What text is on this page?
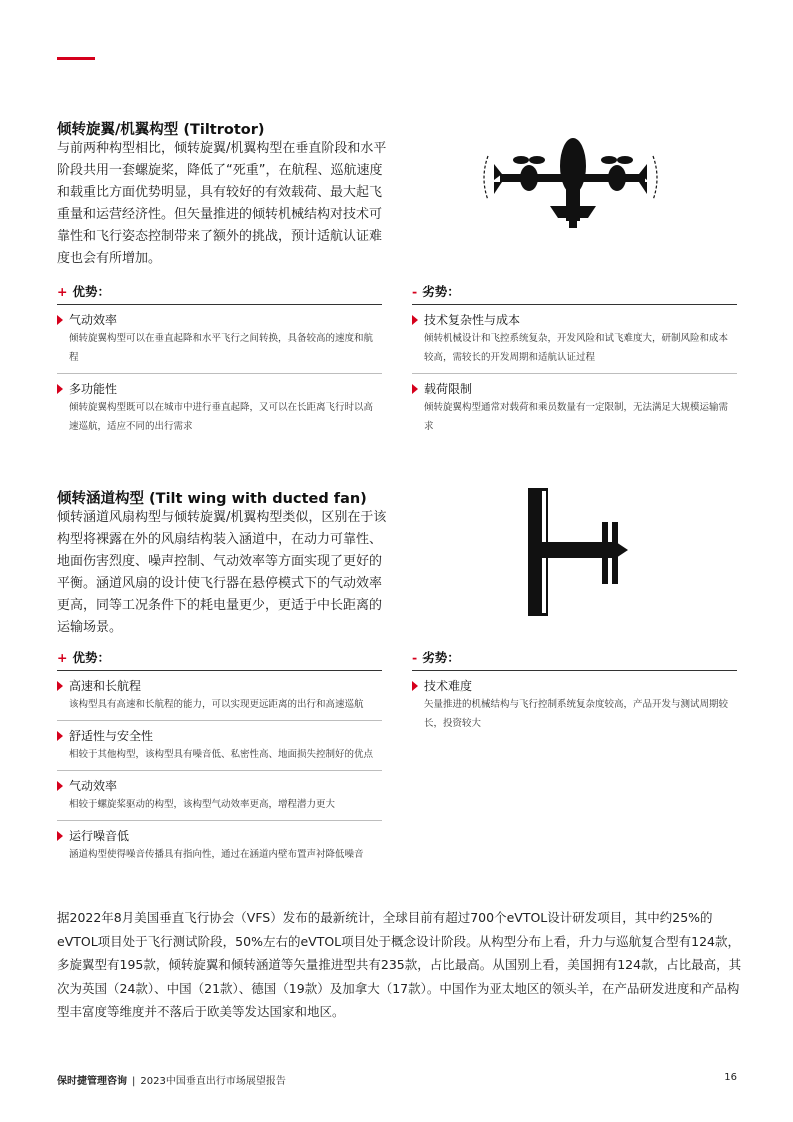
倾转旋翼/机翼构型 (Tiltrotor)
与前两种构型相比，倾转旋翼/机翼构型在垂直阶段和水平阶段共用一套螺旋桨，降低了“死重”，在航程、巡航速度和载重比方面优势明显，具有较好的有效载荷、最大起飞重量和运营经济性。但矢量推进的倾转机械结构对技术可靠性和飞行姿态控制带来了额外的挑战，预计适航认证难度也会有所增加。
+ 优势：
气动效率
倾转旋翼构型可以在垂直起降和水平飞行之间转换，具备较高的速度和航程
多功能性
倾转旋翼构型既可以在城市中进行垂直起降，又可以在长距离飞行时以高速巡航，适应不同的出行需求
- 劣势：
技术复杂性与成本
倾转机械设计和飞控系统复杂，开发风险和试飞难度大，研制风险和成本较高，需较长的开发周期和适航认证过程
载荷限制
倾转旋翼构型通常对载荷和乘员数量有一定限制，无法满足大规模运输需求
倾转涵道构型 (Tilt wing with ducted fan)
倾转涵道风扇构型与倾转旋翼/机翼构型类似，区别在于该构型将裸露在外的风扇结构装入涵道中，在动力可靠性、地面伤害烈度、噪声控制、气动效率等方面实现了更好的平衡。涵道风扇的设计使飞行器在悬停模式下的气动效率更高，同等工况条件下的耗电量更少，更适于中长距离的运输场景。
+ 优势：
高速和长航程
该构型具有高速和长航程的能力，可以实现更远距离的出行和高速巡航
舒适性与安全性
相较于其他构型，该构型具有噪音低、私密性高、地面损失控制好的优点
气动效率
相较于螺旋桨驱动的构型，该构型气动效率更高，增程潜力更大
运行噪音低
涵道构型使得噪音传播具有指向性，通过在涵道内壁布置声衬降低噪音
- 劣势：
技术难度
矢量推进的机械结构与飞行控制系统复杂度较高，产品开发与测试周期较长，投资较大
据2022年8月美国垂直飞行协会（VFS）发布的最新统计，全球目前有超过700个eVTOL设计研发项目，其中约25%的eVTOL项目处于飞行测试阶段，50%左右的eVTOL项目处于概念设计阶段。从构型分布上看，升力与巡航复合型有124款，多旋翼型有195款，倾转旋翼和倾转涵道等矢量推进型共有235款，占比最高。从国别上看，美国拥有124款，占比最高，其次为英国（24款）、中国（21款）、德国（19款）及加拿大（17款）。中国作为亚太地区的领头羊，在产品研发进度和产品构型丰富度等维度并不落后于欧美等发达国家和地区。
保时捷管理咨询 | 2023中国垂直出行市场展望报告	16
